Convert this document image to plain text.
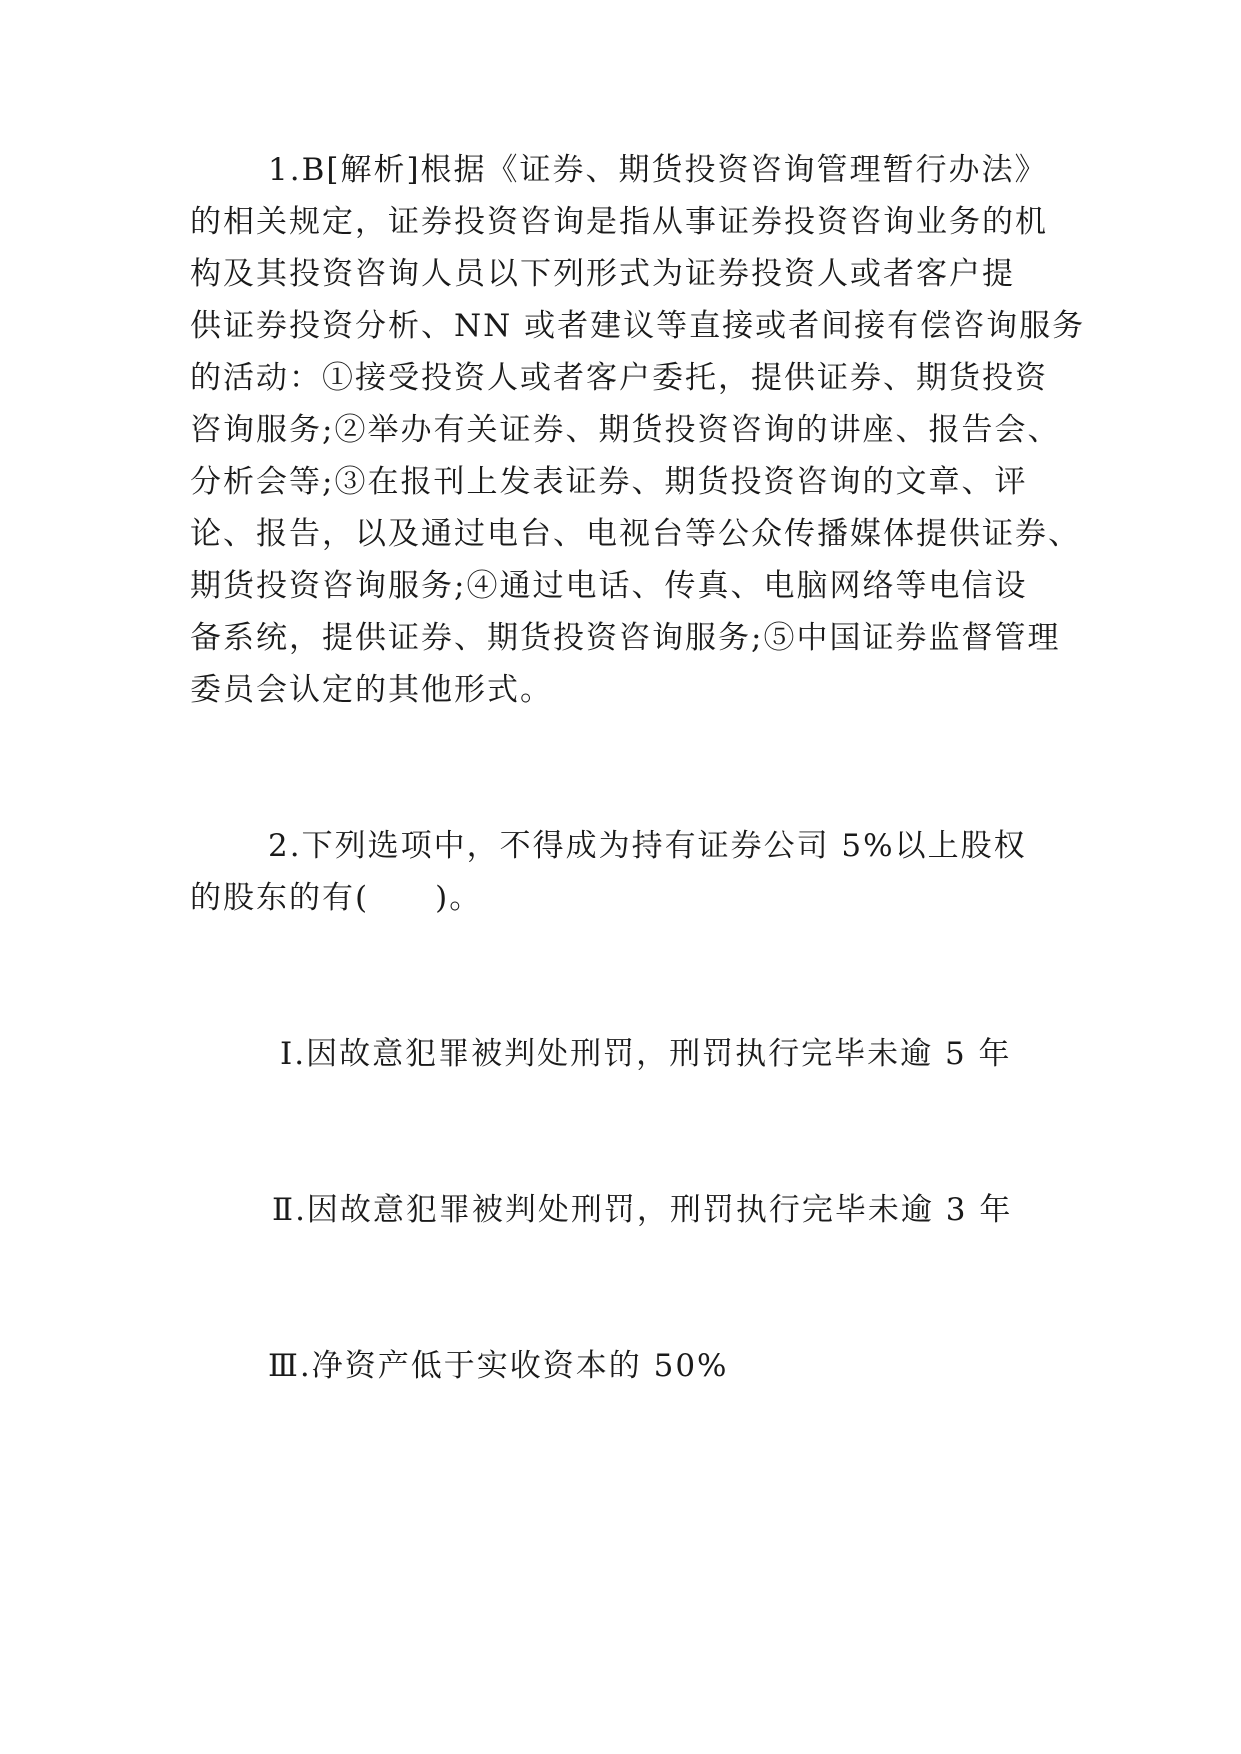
1.B[解析]根据《证券、期货投资咨询管理暂行办法》
的相关规定，证券投资咨询是指从事证券投资咨询业务的机
构及其投资咨询人员以下列形式为证券投资人或者客户提
供证券投资分析、NN 或者建议等直接或者间接有偿咨询服务
的活动：①接受投资人或者客户委托，提供证券、期货投资
咨询服务;②举办有关证券、期货投资咨询的讲座、报告会、
分析会等;③在报刊上发表证券、期货投资咨询的文章、评
论、报告，以及通过电台、电视台等公众传播媒体提供证券、
期货投资咨询服务;④通过电话、传真、电脑网络等电信设
备系统，提供证券、期货投资咨询服务;⑤中国证券监督管理
委员会认定的其他形式。
2.下列选项中，不得成为持有证券公司 5%以上股权
的股东的有(　　)。
Ⅰ.因故意犯罪被判处刑罚，刑罚执行完毕未逾 5 年
Ⅱ.因故意犯罪被判处刑罚，刑罚执行完毕未逾 3 年
Ⅲ.净资产低于实收资本的 50%
